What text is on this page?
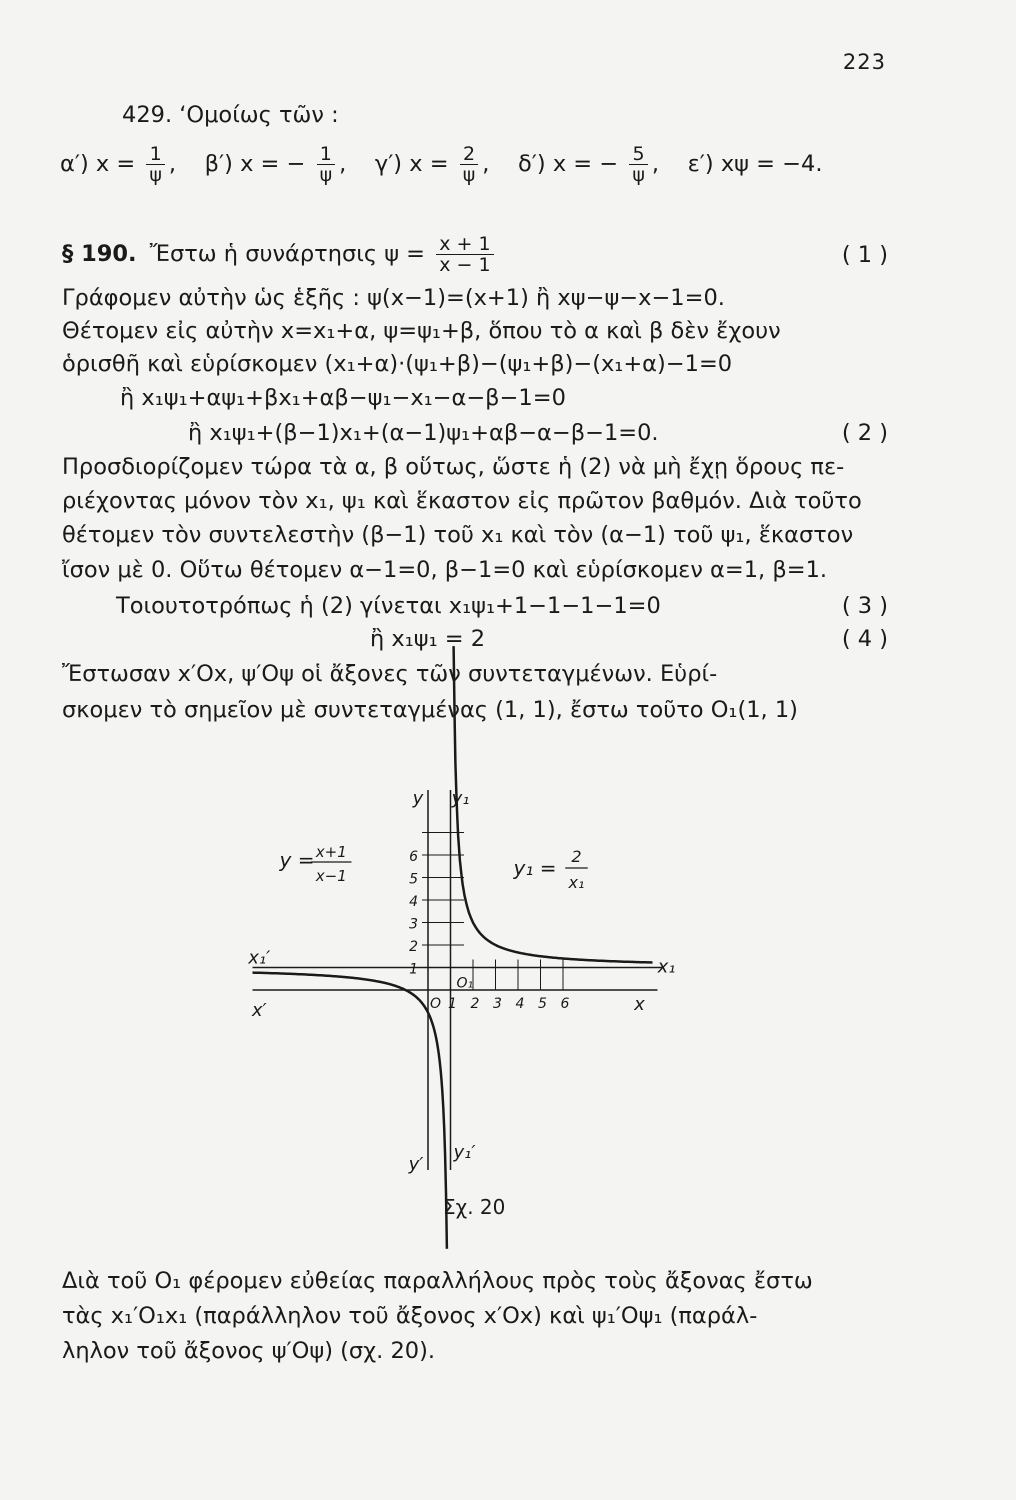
223
429. ‘Ομοίως τῶν :
α′) $x = \frac{1}{\psi}$ ,    β′) x = − $\frac{1}{\psi}$ ,    γ′) $x = \frac{2}{\psi}$ ,    δ′) x = − $\frac{5}{\psi}$ ,    ε′) xψ = −4.
§ 190. Ἔστω ἡ συνάρτησις $\psi = \frac{x + 1}{x - 1}$	( 1 )
Γράφομεν αὐτὴν ὡς ἑξῆς : ψ(x−1)=(x+1) ἢ xψ−ψ−x−1=0.
Θέτομεν εἰς αὐτὴν x=x₁+α, ψ=ψ₁+β, ὅπου τὸ α καὶ β δὲν ἔχουν
ὁρισθῆ καὶ εὑρίσκομεν (x₁+α)·(ψ₁+β)−(ψ₁+β)−(x₁+α)−1=0
ἢ x₁ψ₁+αψ₁+βx₁+αβ−ψ₁−x₁−α−β−1=0
ἢ x₁ψ₁+(β−1)x₁+(α−1)ψ₁+αβ−α−β−1=0.	( 2 )
Προσδιορίζομεν τώρα τὰ α, β οὕτως, ὥστε ἡ (2) νὰ μὴ ἔχῃ ὅρους πε-
ριέχοντας μόνον τὸν x₁, ψ₁ καὶ ἕκαστον εἰς πρῶτον βαθμόν. Διὰ τοῦτο
θέτομεν τὸν συντελεστὴν (β−1) τοῦ x₁ καὶ τὸν (α−1) τοῦ ψ₁, ἕκαστον
ἴσον μὲ 0. Οὕτω θέτομεν α−1=0, β−1=0 καὶ εὑρίσκομεν α=1, β=1.
Τοιουτοτρόπως ἡ (2) γίνεται x₁ψ₁+1−1−1−1=0	( 3 )
ἢ x₁ψ₁ = 2	( 4 )
Ἔστωσαν x′Ox, ψ′Oψ οἱ ἄξονες τῶν συντεταγμένων. Εὑρί-
σκομεν τὸ σημεῖον μὲ συντεταγμένας (1, 1), ἔστω τοῦτο O₁(1, 1)
1
2
3
4
5
6
1 2 3 4 5 6
O
O₁
x
x₁
x′
x₁′
y y₁
y′
y₁′
y = x+1
x−1	y₁ = 2
x₁
Σχ. 20
Διὰ τοῦ O₁ φέρομεν εὐθείας παραλλήλους πρὸς τοὺς ἄξονας ἔστω
τὰς x₁′O₁x₁ (παράλληλον τοῦ ἄξονος x′Ox) καὶ ψ₁′Oψ₁ (παράλ-
ληλον τοῦ ἄξονος ψ′Oψ) (σχ. 20).
